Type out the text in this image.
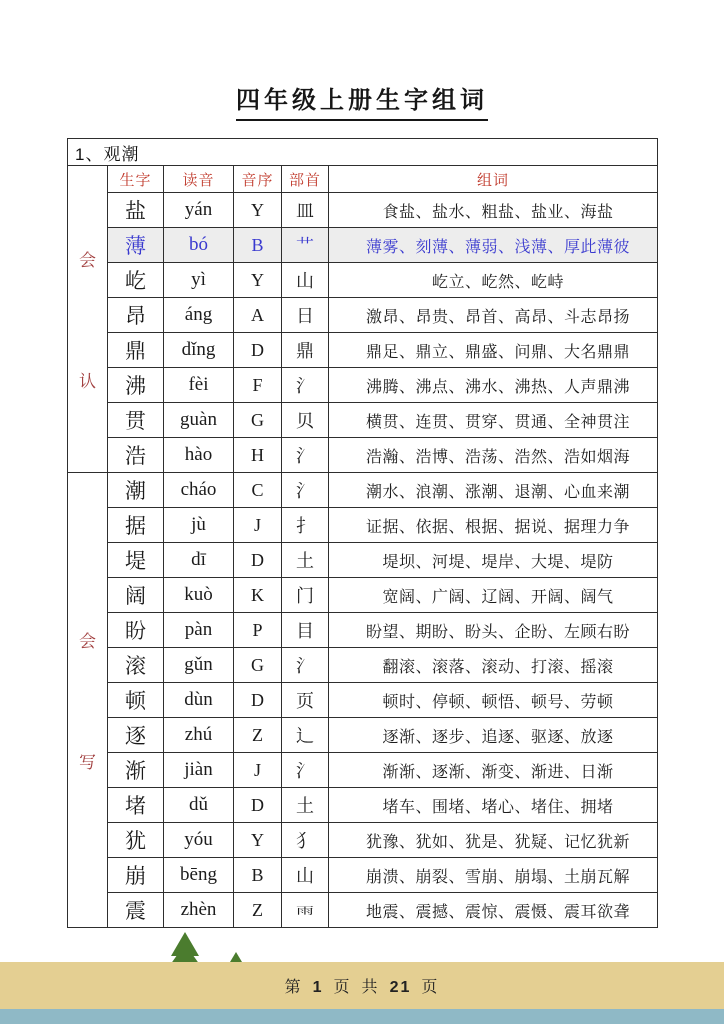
四年级上册生字组词
1、观潮					

会
认	生字	读音	音序	部首	组词
	盐	yán	Y	皿	食盐、盐水、粗盐、盐业、海盐
	薄	bó	B	艹	薄雾、刻薄、薄弱、浅薄、厚此薄彼
	屹	yì	Y	山	屹立、屹然、屹峙
	昂	áng	A	日	激昂、昂贵、昂首、高昂、斗志昂扬
	鼎	dǐng	D	鼎	鼎足、鼎立、鼎盛、问鼎、大名鼎鼎
	沸	fèi	F	氵	沸腾、沸点、沸水、沸热、人声鼎沸
	贯	guàn	G	贝	横贯、连贯、贯穿、贯通、全神贯注
	浩	hào	H	氵	浩瀚、浩博、浩荡、浩然、浩如烟海

会
写	潮	cháo	C	氵	潮水、浪潮、涨潮、退潮、心血来潮
	据	jù	J	扌	证据、依据、根据、据说、据理力争
	堤	dī	D	土	堤坝、河堤、堤岸、大堤、堤防
	阔	kuò	K	门	宽阔、广阔、辽阔、开阔、阔气
	盼	pàn	P	目	盼望、期盼、盼头、企盼、左顾右盼
	滚	gǔn	G	氵	翻滚、滚落、滚动、打滚、摇滚
	顿	dùn	D	页	顿时、停顿、顿悟、顿号、劳顿
	逐	zhú	Z	辶	逐渐、逐步、追逐、驱逐、放逐
	渐	jiàn	J	氵	渐渐、逐渐、渐变、渐进、日渐
	堵	dǔ	D	土	堵车、围堵、堵心、堵住、拥堵
	犹	yóu	Y	犭	犹豫、犹如、犹是、犹疑、记忆犹新
	崩	bēng	B	山	崩溃、崩裂、雪崩、崩塌、土崩瓦解
	震	zhèn	Z	雨	地震、震撼、震惊、震慑、震耳欲聋
第 1 页 共 21 页
